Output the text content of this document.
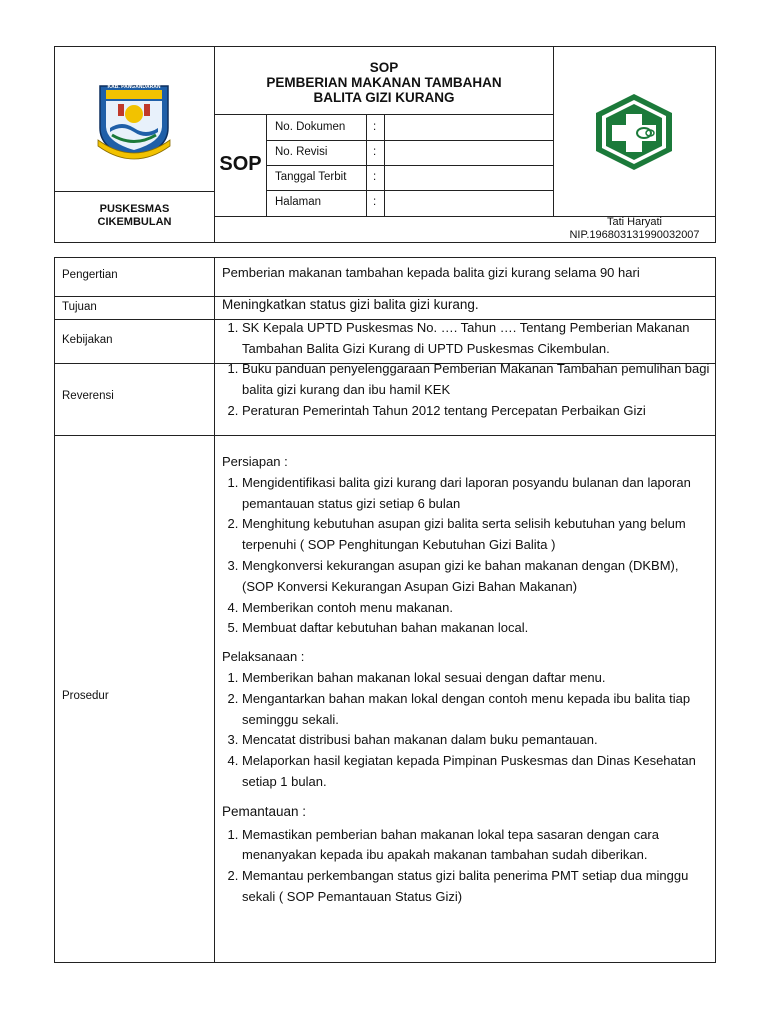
KAB. PANGANDARAN
PUSKESMAS
CIKEMBULAN
SOP
PEMBERIAN MAKANAN TAMBAHAN
BALITA GIZI KURANG
SOP
No. Dokumen :
No. Revisi	:
Tanggal Terbit :
Halaman	:
Tati Haryati
NIP.196803131990032007
Pengertian
Tujuan
Kebijakan
Reverensi
Prosedur
Pemberian makanan tambahan kepada balita gizi kurang selama 90 hari
Meningkatkan status gizi balita gizi kurang.
1. SK Kepala UPTD Puskesmas No. …. Tahun …. Tentang Pemberian Makanan Tambahan Balita Gizi Kurang di UPTD Puskesmas Cikembulan.
1. Buku panduan penyelenggaraan Pemberian Makanan Tambahan pemulihan bagi balita gizi kurang dan ibu hamil KEK
2. Peraturan Pemerintah Tahun 2012 tentang Percepatan Perbaikan Gizi
Persiapan :
1. Mengidentifikasi balita gizi kurang dari laporan posyandu bulanan dan laporan pemantauan status gizi setiap 6 bulan
2. Menghitung kebutuhan asupan gizi balita serta selisih kebutuhan yang belum terpenuhi ( SOP Penghitungan Kebutuhan Gizi Balita )
3. Mengkonversi kekurangan asupan gizi ke bahan makanan dengan (DKBM), (SOP Konversi Kekurangan Asupan Gizi Bahan Makanan)
4. Memberikan contoh menu makanan.
5. Membuat daftar kebutuhan bahan makanan local.
Pelaksanaan :
1. Memberikan bahan makanan lokal sesuai dengan daftar menu.
2. Mengantarkan bahan makan lokal dengan contoh menu kepada ibu balita tiap seminggu sekali.
3. Mencatat distribusi bahan makanan dalam buku pemantauan.
4. Melaporkan hasil kegiatan kepada Pimpinan Puskesmas dan Dinas Kesehatan setiap 1 bulan.
Pemantauan :
1. Memastikan pemberian bahan makanan lokal tepa sasaran dengan cara menanyakan kepada ibu apakah makanan tambahan sudah diberikan.
2. Memantau perkembangan status gizi balita penerima PMT setiap dua minggu sekali ( SOP Pemantauan Status Gizi)
